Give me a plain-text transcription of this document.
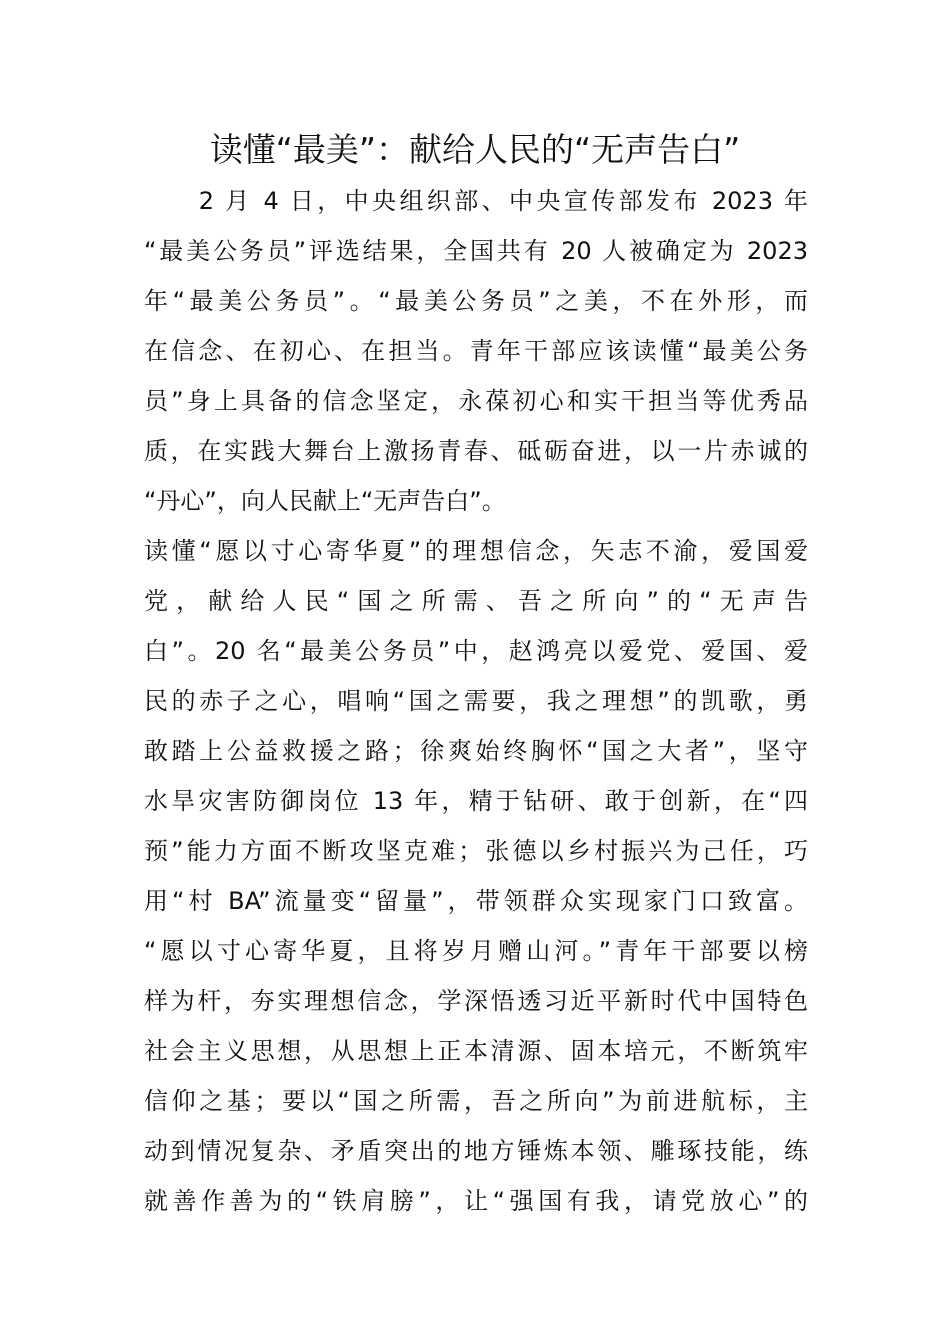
读懂“最美”：献给人民的“无声告白”
　　2 月 4 日，中央组织部、中央宣传部发布 2023 年
“最美公务员”评选结果，全国共有 20 人被确定为 2023
年“最美公务员”。“最美公务员”之美，不在外形，而
在信念、在初心、在担当。青年干部应该读懂“最美公务
员”身上具备的信念坚定，永葆初心和实干担当等优秀品
质，在实践大舞台上激扬青春、砥砺奋进，以一片赤诚的
“丹心”，向人民献上“无声告白”。
读懂“愿以寸心寄华夏”的理想信念，矢志不渝，爱国爱
党，献给人民“国之所需、吾之所向”的“无声告
白”。20 名“最美公务员”中，赵鸿亮以爱党、爱国、爱
民的赤子之心，唱响“国之需要，我之理想”的凯歌，勇
敢踏上公益救援之路；徐爽始终胸怀“国之大者”，坚守
水旱灾害防御岗位 13 年，精于钻研、敢于创新，在“四
预”能力方面不断攻坚克难；张德以乡村振兴为己任，巧
用“村 BA”流量变“留量”，带领群众实现家门口致富。
“愿以寸心寄华夏，且将岁月赠山河。”青年干部要以榜
样为杆，夯实理想信念，学深悟透习近平新时代中国特色
社会主义思想，从思想上正本清源、固本培元，不断筑牢
信仰之基；要以“国之所需，吾之所向”为前进航标，主
动到情况复杂、矛盾突出的地方锤炼本领、雕琢技能，练
就善作善为的“铁肩膀”，让“强国有我，请党放心”的
